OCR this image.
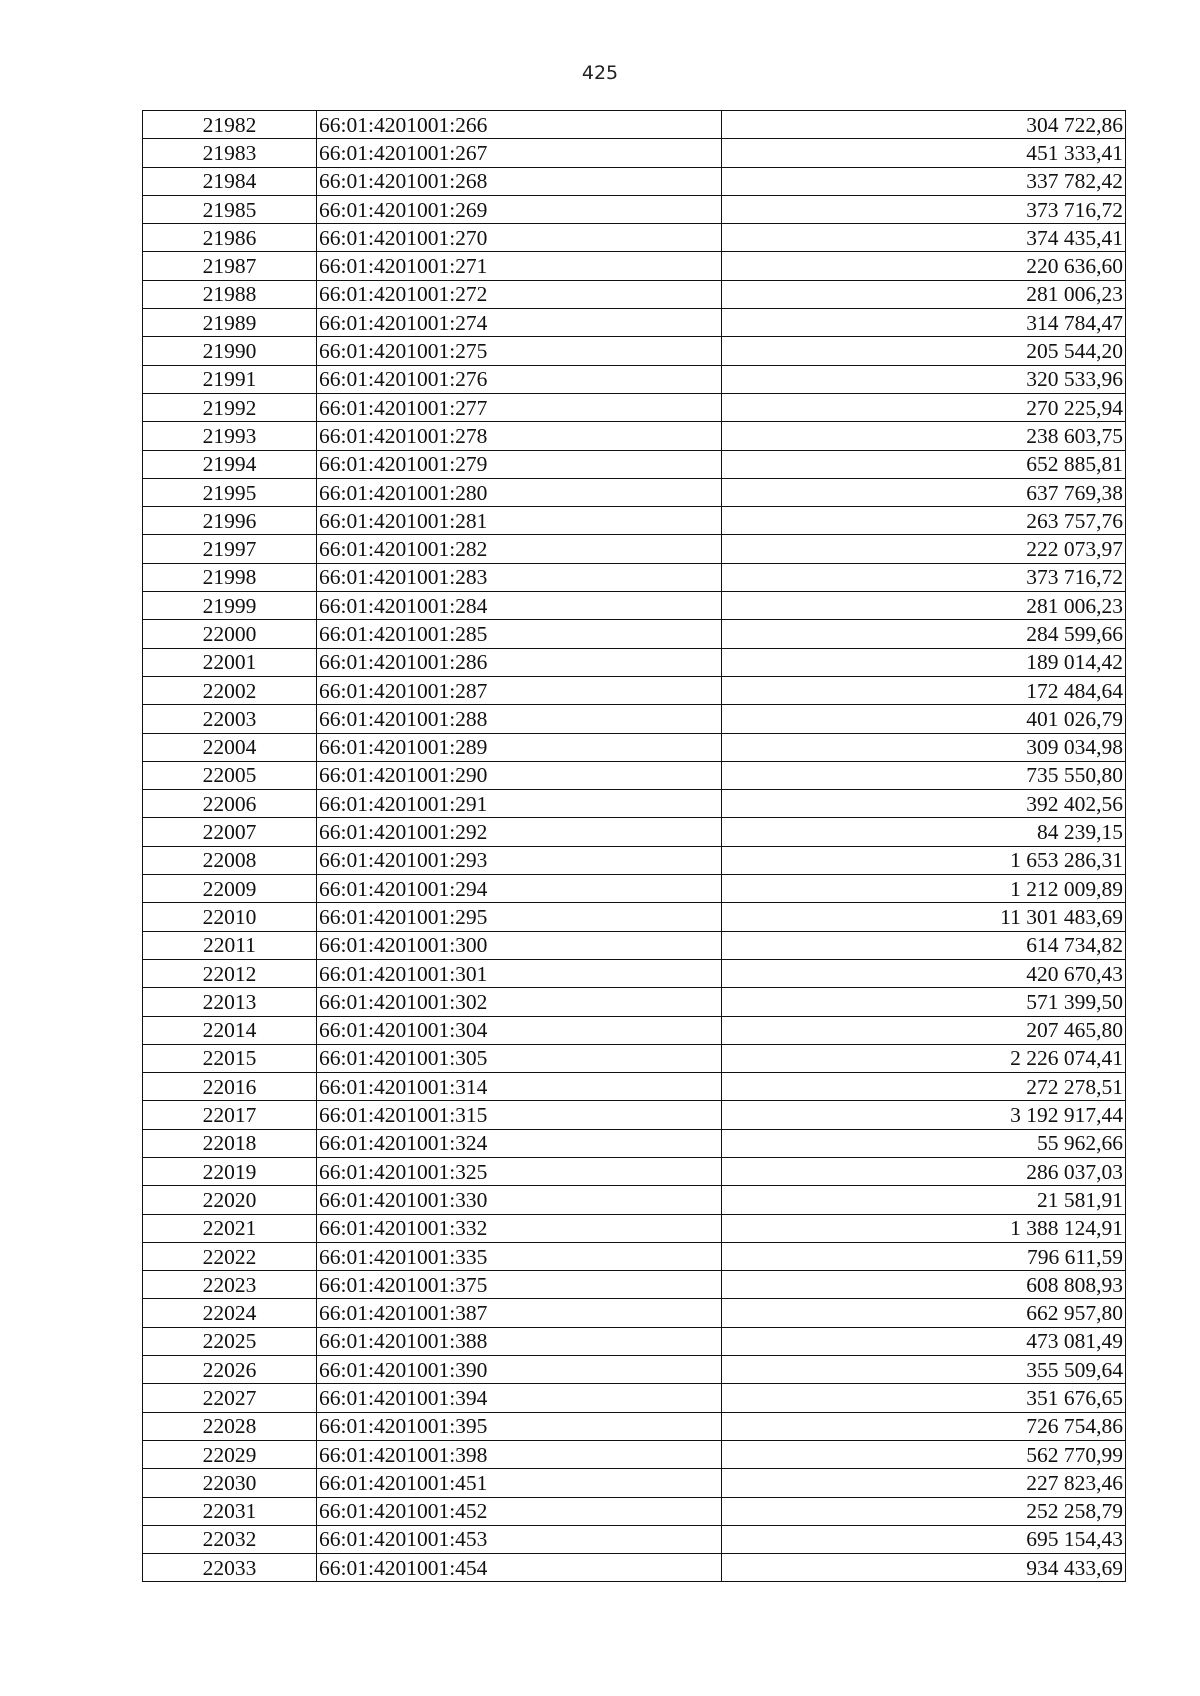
425
21982	66:01:4201001:266	304 722,86
21983	66:01:4201001:267	451 333,41
21984	66:01:4201001:268	337 782,42
21985	66:01:4201001:269	373 716,72
21986	66:01:4201001:270	374 435,41
21987	66:01:4201001:271	220 636,60
21988	66:01:4201001:272	281 006,23
21989	66:01:4201001:274	314 784,47
21990	66:01:4201001:275	205 544,20
21991	66:01:4201001:276	320 533,96
21992	66:01:4201001:277	270 225,94
21993	66:01:4201001:278	238 603,75
21994	66:01:4201001:279	652 885,81
21995	66:01:4201001:280	637 769,38
21996	66:01:4201001:281	263 757,76
21997	66:01:4201001:282	222 073,97
21998	66:01:4201001:283	373 716,72
21999	66:01:4201001:284	281 006,23
22000	66:01:4201001:285	284 599,66
22001	66:01:4201001:286	189 014,42
22002	66:01:4201001:287	172 484,64
22003	66:01:4201001:288	401 026,79
22004	66:01:4201001:289	309 034,98
22005	66:01:4201001:290	735 550,80
22006	66:01:4201001:291	392 402,56
22007	66:01:4201001:292	84 239,15
22008	66:01:4201001:293	1 653 286,31
22009	66:01:4201001:294	1 212 009,89
22010	66:01:4201001:295	11 301 483,69
22011	66:01:4201001:300	614 734,82
22012	66:01:4201001:301	420 670,43
22013	66:01:4201001:302	571 399,50
22014	66:01:4201001:304	207 465,80
22015	66:01:4201001:305	2 226 074,41
22016	66:01:4201001:314	272 278,51
22017	66:01:4201001:315	3 192 917,44
22018	66:01:4201001:324	55 962,66
22019	66:01:4201001:325	286 037,03
22020	66:01:4201001:330	21 581,91
22021	66:01:4201001:332	1 388 124,91
22022	66:01:4201001:335	796 611,59
22023	66:01:4201001:375	608 808,93
22024	66:01:4201001:387	662 957,80
22025	66:01:4201001:388	473 081,49
22026	66:01:4201001:390	355 509,64
22027	66:01:4201001:394	351 676,65
22028	66:01:4201001:395	726 754,86
22029	66:01:4201001:398	562 770,99
22030	66:01:4201001:451	227 823,46
22031	66:01:4201001:452	252 258,79
22032	66:01:4201001:453	695 154,43
22033	66:01:4201001:454	934 433,69
